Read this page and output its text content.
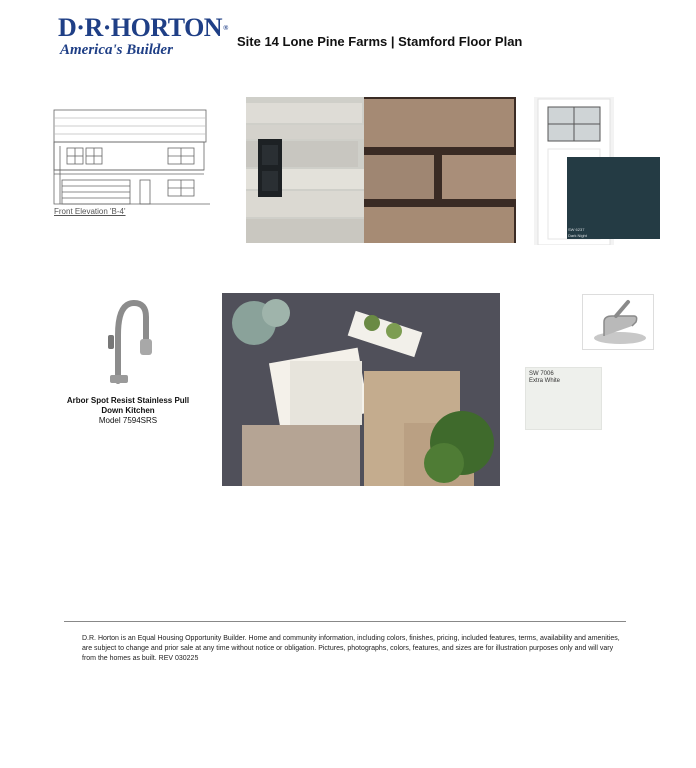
D·R·HORTON®
America's Builder
Site 14 Lone Pine Farms | Stamford Floor Plan
Front Elevation 'B-4'
SW 6237
Dark Night
Arbor Spot Resist Stainless Pull
Down Kitchen
Model 7594SRS
SW 7006
Extra White
D.R. Horton is an Equal Housing Opportunity Builder. Home and community information, including colors, finishes, pricing, included features, terms, availability and amenities, are subject to change and prior sale at any time without notice or obligation. Pictures, photographs, colors, features, and sizes are for illustration purposes only and will vary from the homes as built. REV 030225
